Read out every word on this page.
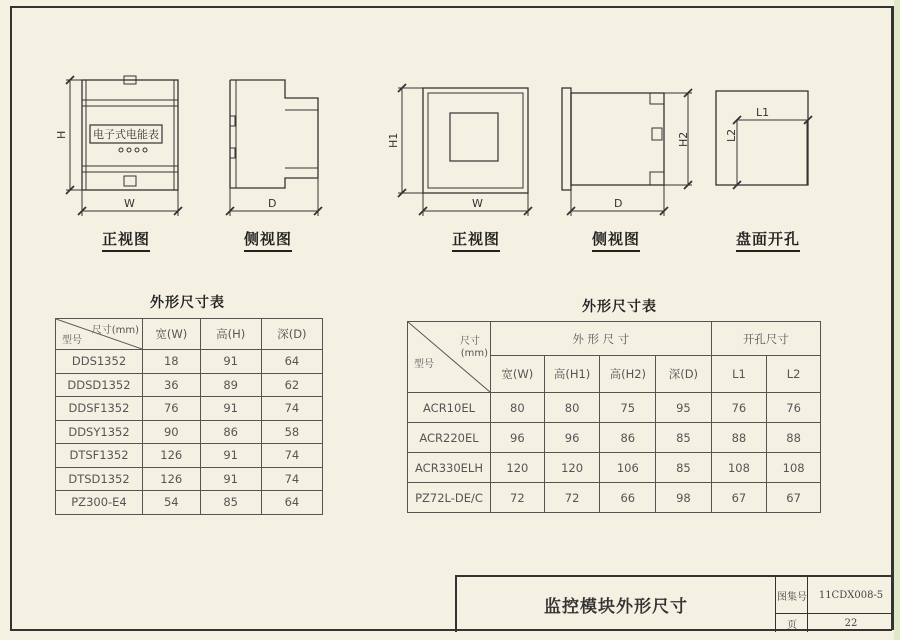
H
W	D
H1
W
H2
D
L1
L2
电子式电能表
正视图	侧视图	正视图	侧视图	盘面开孔
外形尺寸表
尺寸(mm)
型号	宽(W)	高(H)	深(D)
DDS1352	18	91	64
DDSD1352	36	89	62
DDSF1352	76	91	74
DDSY1352	90	86	58
DTSF1352	126	91	74
DTSD1352	126	91	74
PZ300-E4	54	85	64
外形尺寸表
尺寸
(mm)
型号	外 形 尺 寸				开孔尺寸	
	宽(W)	高(H1)	高(H2)	深(D)	L1	L2
ACR10EL	80	80	75	95	76	76
ACR220EL	96	96	86	85	88	88
ACR330ELH	120	120	106	85	108	108
PZ72L-DE/C	72	72	66	98	67	67
监控模块外形尺寸	图集号	11CDX008-5
页	22
